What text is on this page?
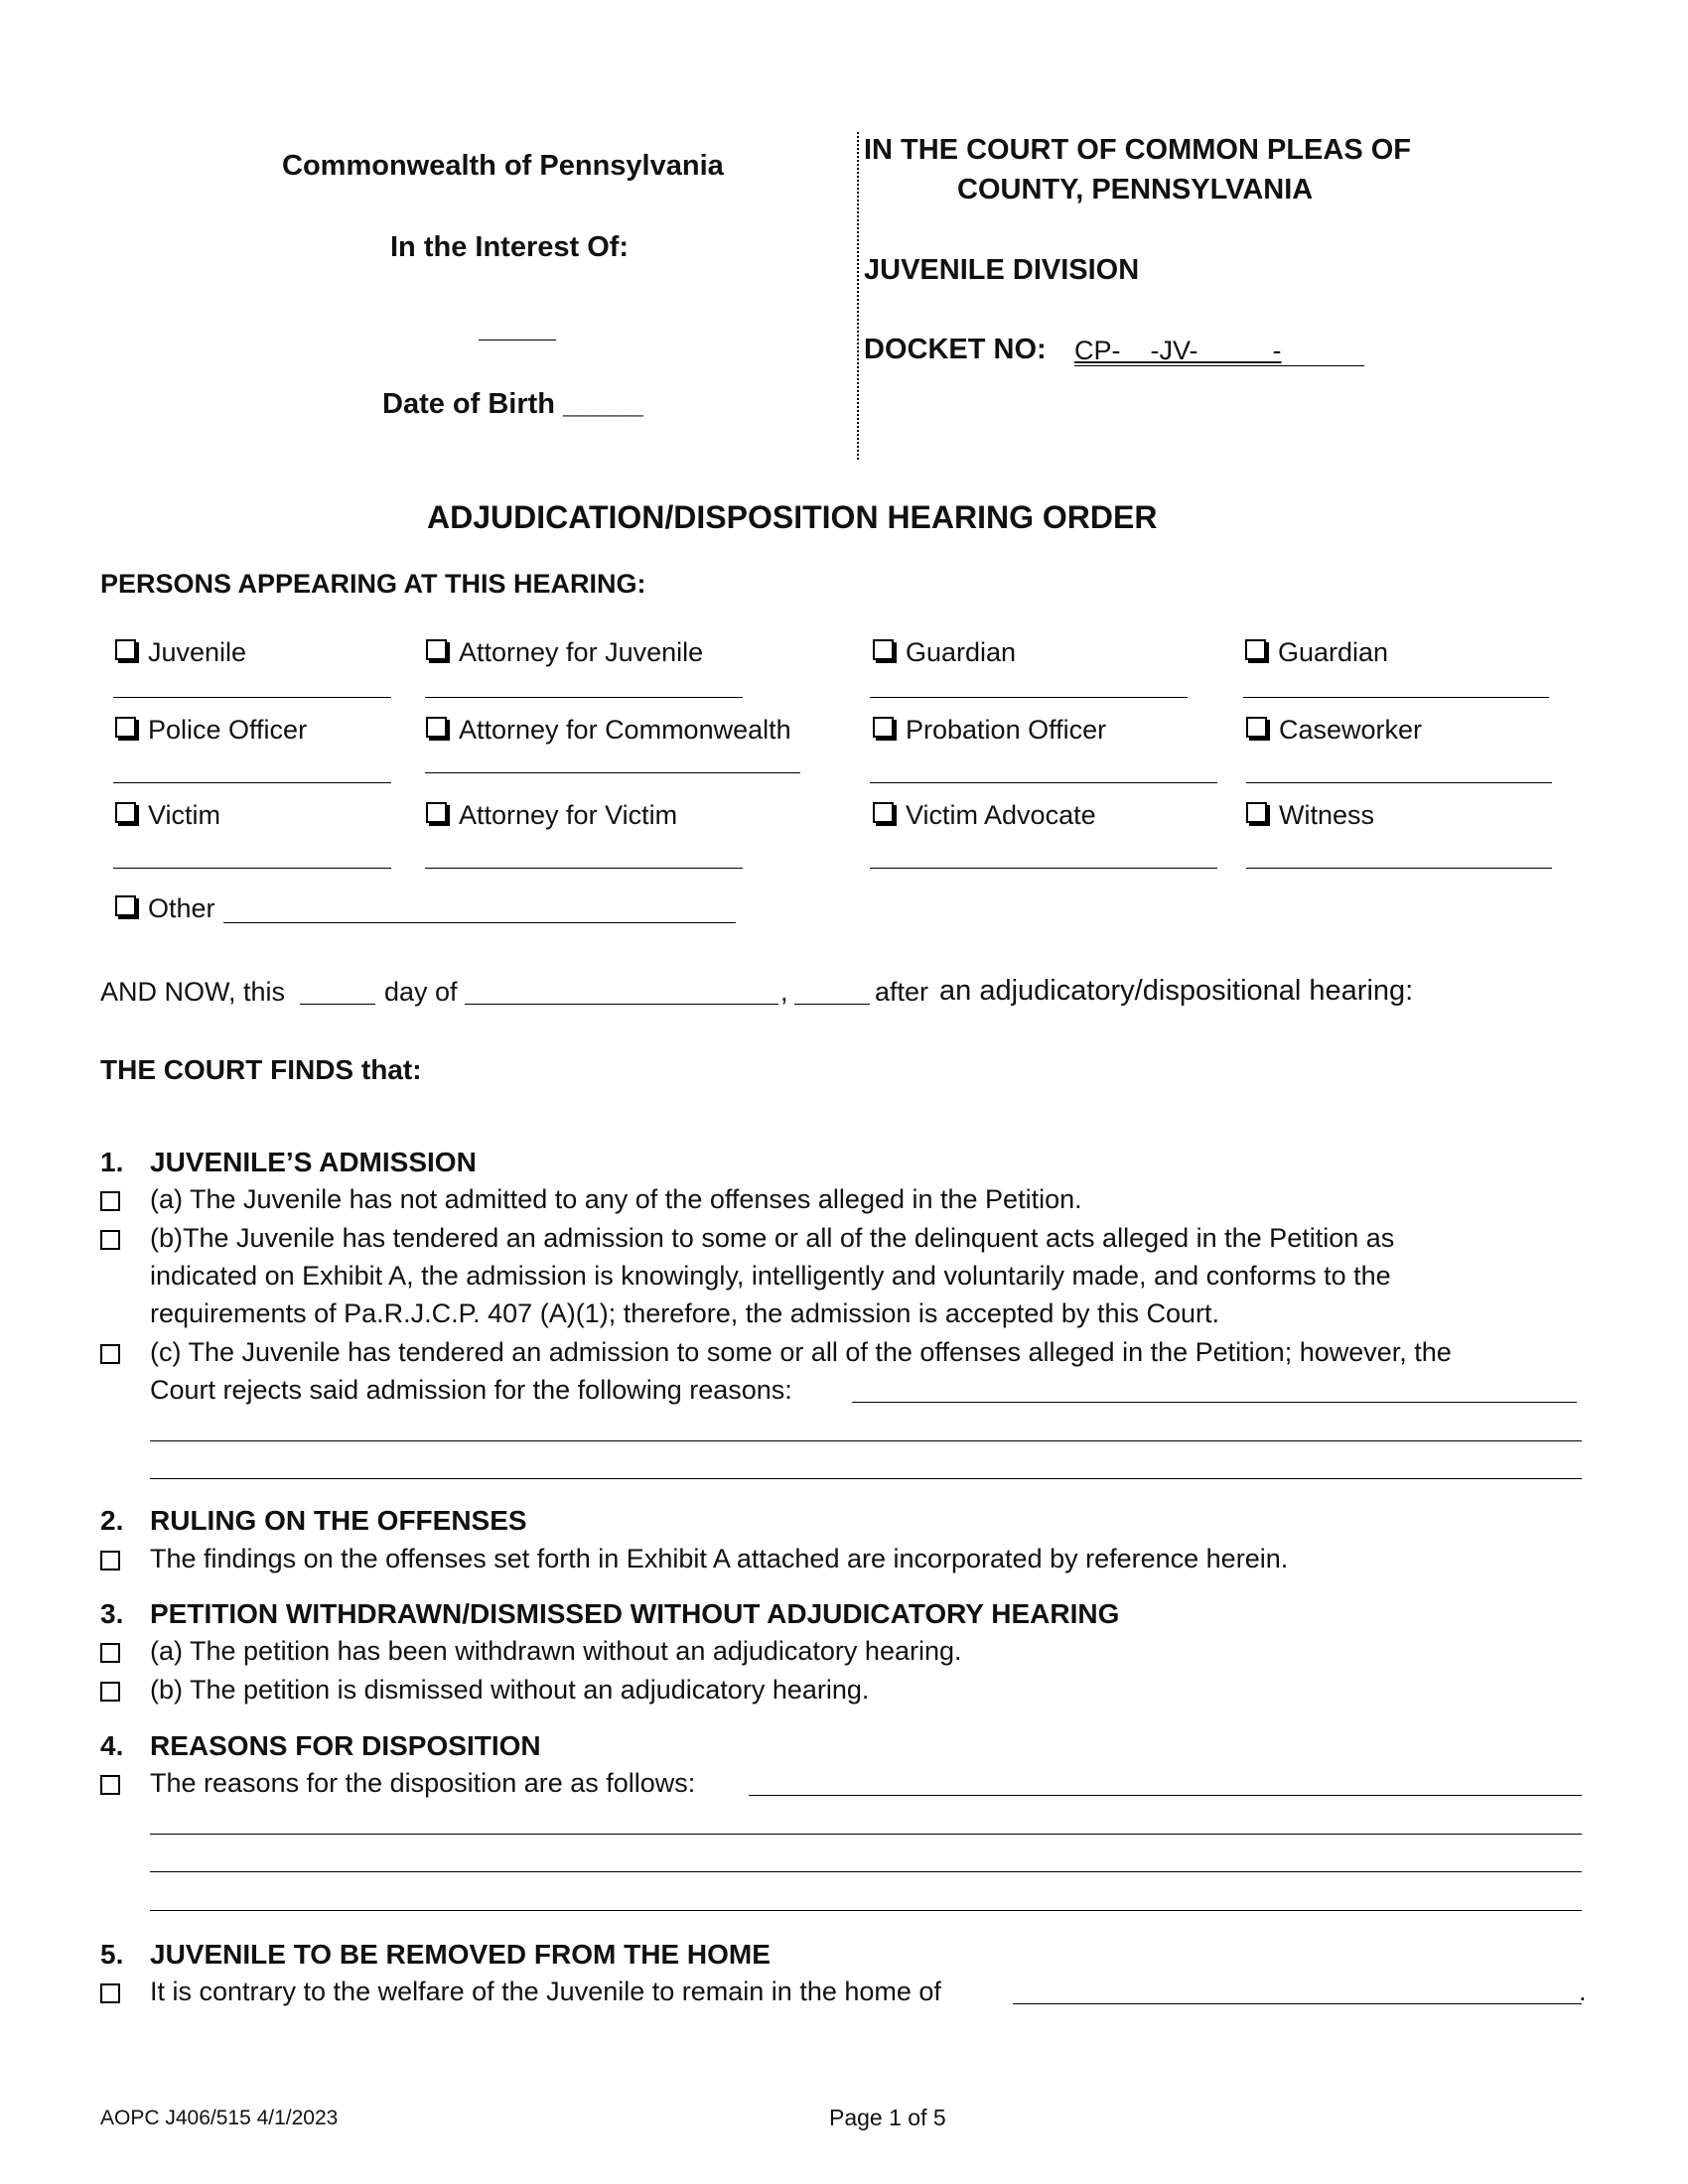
Commonwealth of Pennsylvania
In the Interest Of:
Date of Birth _____
IN THE COURT OF COMMON PLEAS OF
COUNTY, PENNSYLVANIA
JUVENILE DIVISION
DOCKET NO: CP-    -JV-          -
ADJUDICATION/DISPOSITION HEARING ORDER
PERSONS APPEARING AT THIS HEARING:
Juvenile	Attorney for Juvenile	Guardian	Guardian
Police Officer	Attorney for Commonwealth	Probation Officer	Caseworker
Victim	Attorney for Victim	Victim Advocate	Witness
Other
AND NOW, this	day of	,	after an adjudicatory/dispositional hearing:
THE COURT FINDS that:
1. JUVENILE’S ADMISSION
(a) The Juvenile has not admitted to any of the offenses alleged in the Petition.
(b)The Juvenile has tendered an admission to some or all of the delinquent acts alleged in the Petition as
indicated on Exhibit A, the admission is knowingly, intelligently and voluntarily made, and conforms to the
requirements of Pa.R.J.C.P. 407 (A)(1); therefore, the admission is accepted by this Court.
(c) The Juvenile has tendered an admission to some or all of the offenses alleged in the Petition; however, the
Court rejects said admission for the following reasons:
2. RULING ON THE OFFENSES
The findings on the offenses set forth in Exhibit A attached are incorporated by reference herein.
3. PETITION WITHDRAWN/DISMISSED WITHOUT ADJUDICATORY HEARING
(a) The petition has been withdrawn without an adjudicatory hearing.
(b) The petition is dismissed without an adjudicatory hearing.
4. REASONS FOR DISPOSITION
The reasons for the disposition are as follows:
5. JUVENILE TO BE REMOVED FROM THE HOME
It is contrary to the welfare of the Juvenile to remain in the home of	.
AOPC J406/515 4/1/2023	Page 1 of 5
